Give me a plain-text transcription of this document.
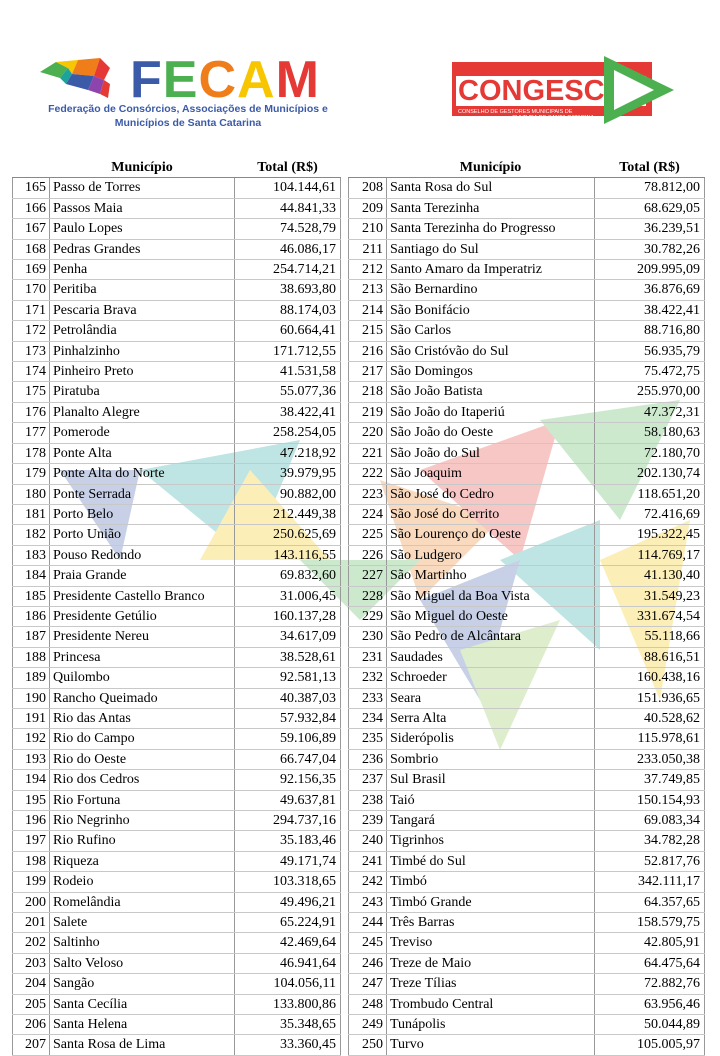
FECAM
Federação de Consórcios, Associações de Municípios e
Municípios de Santa Catarina
CONGESC
CONSELHO DE GESTORES MUNICIPAIS DE
CULTURA DE SANTA CATARINA
	Município	Total (R$)
165	Passo de Torres	104.144,61
166	Passos Maia	44.841,33
167	Paulo Lopes	74.528,79
168	Pedras Grandes	46.086,17
169	Penha	254.714,21
170	Peritiba	38.693,80
171	Pescaria Brava	88.174,03
172	Petrolândia	60.664,41
173	Pinhalzinho	171.712,55
174	Pinheiro Preto	41.531,58
175	Piratuba	55.077,36
176	Planalto Alegre	38.422,41
177	Pomerode	258.254,05
178	Ponte Alta	47.218,92
179	Ponte Alta do Norte	39.979,95
180	Ponte Serrada	90.882,00
181	Porto Belo	212.449,38
182	Porto União	250.625,69
183	Pouso Redondo	143.116,55
184	Praia Grande	69.832,60
185	Presidente Castello Branco	31.006,45
186	Presidente Getúlio	160.137,28
187	Presidente Nereu	34.617,09
188	Princesa	38.528,61
189	Quilombo	92.581,13
190	Rancho Queimado	40.387,03
191	Rio das Antas	57.932,84
192	Rio do Campo	59.106,89
193	Rio do Oeste	66.747,04
194	Rio dos Cedros	92.156,35
195	Rio Fortuna	49.637,81
196	Rio Negrinho	294.737,16
197	Rio Rufino	35.183,46
198	Riqueza	49.171,74
199	Rodeio	103.318,65
200	Romelândia	49.496,21
201	Salete	65.224,91
202	Saltinho	42.469,64
203	Salto Veloso	46.941,64
204	Sangão	104.056,11
205	Santa Cecília	133.800,86
206	Santa Helena	35.348,65
207	Santa Rosa de Lima	33.360,45
	Município	Total (R$)
208	Santa Rosa do Sul	78.812,00
209	Santa Terezinha	68.629,05
210	Santa Terezinha do Progresso	36.239,51
211	Santiago do Sul	30.782,26
212	Santo Amaro da Imperatriz	209.995,09
213	São Bernardino	36.876,69
214	São Bonifácio	38.422,41
215	São Carlos	88.716,80
216	São Cristóvão do Sul	56.935,79
217	São Domingos	75.472,75
218	São João Batista	255.970,00
219	São João do Itaperiú	47.372,31
220	São João do Oeste	58.180,63
221	São João do Sul	72.180,70
222	São Joaquim	202.130,74
223	São José do Cedro	118.651,20
224	São José do Cerrito	72.416,69
225	São Lourenço do Oeste	195.322,45
226	São Ludgero	114.769,17
227	São Martinho	41.130,40
228	São Miguel da Boa Vista	31.549,23
229	São Miguel do Oeste	331.674,54
230	São Pedro de Alcântara	55.118,66
231	Saudades	88.616,51
232	Schroeder	160.438,16
233	Seara	151.936,65
234	Serra Alta	40.528,62
235	Siderópolis	115.978,61
236	Sombrio	233.050,38
237	Sul Brasil	37.749,85
238	Taió	150.154,93
239	Tangará	69.083,34
240	Tigrinhos	34.782,28
241	Timbé do Sul	52.817,76
242	Timbó	342.111,17
243	Timbó Grande	64.357,65
244	Três Barras	158.579,75
245	Treviso	42.805,91
246	Treze de Maio	64.475,64
247	Treze Tílias	72.882,76
248	Trombudo Central	63.956,46
249	Tunápolis	50.044,89
250	Turvo	105.005,97
